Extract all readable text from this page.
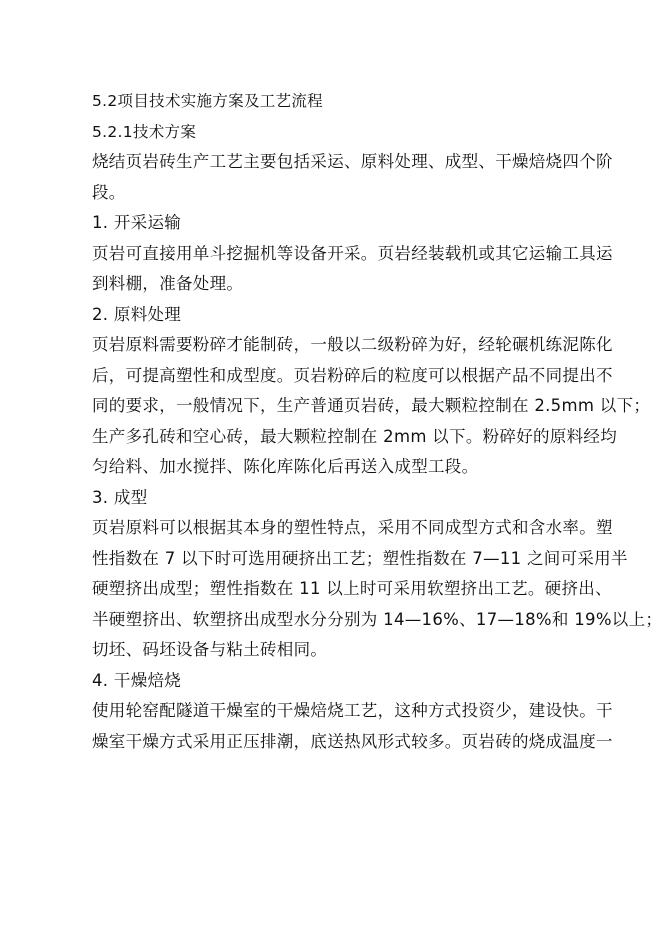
5.2项目技术实施方案及工艺流程
5.2.1技术方案
烧结页岩砖生产工艺主要包括采运、原料处理、成型、干燥焙烧四个阶
段。
1. 开采运输
页岩可直接用单斗挖掘机等设备开采。页岩经装载机或其它运输工具运
到料棚，准备处理。
2. 原料处理
页岩原料需要粉碎才能制砖，一般以二级粉碎为好，经轮碾机练泥陈化
后，可提高塑性和成型度。页岩粉碎后的粒度可以根据产品不同提出不
同的要求，一般情况下，生产普通页岩砖，最大颗粒控制在 2.5mm 以下；
生产多孔砖和空心砖，最大颗粒控制在 2mm 以下。粉碎好的原料经均
匀给料、加水搅拌、陈化库陈化后再送入成型工段。
3. 成型
页岩原料可以根据其本身的塑性特点，采用不同成型方式和含水率。塑
性指数在 7 以下时可选用硬挤出工艺；塑性指数在 7—11 之间可采用半
硬塑挤出成型；塑性指数在 11 以上时可采用软塑挤出工艺。硬挤出、
半硬塑挤出、软塑挤出成型水分分别为 14—16%、17—18%和 19%以上；
切坯、码坯设备与粘土砖相同。
4. 干燥焙烧
使用轮窑配隧道干燥室的干燥焙烧工艺，这种方式投资少，建设快。干
燥室干燥方式采用正压排潮，底送热风形式较多。页岩砖的烧成温度一
